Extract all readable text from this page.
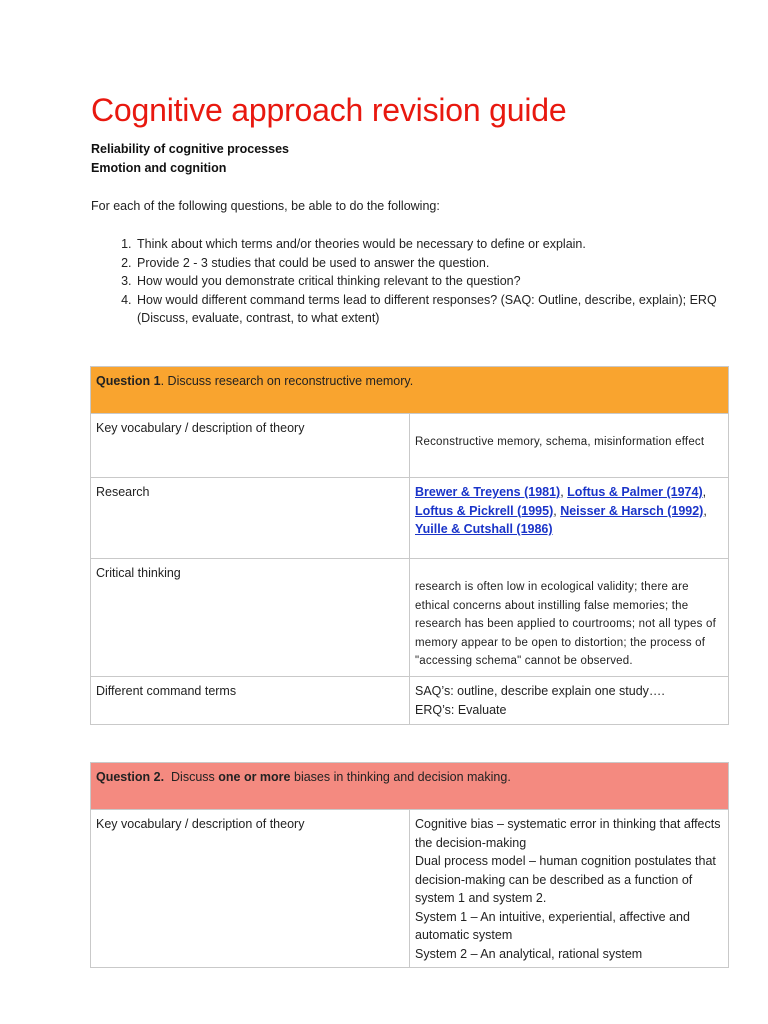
Cognitive approach revision guide
Reliability of cognitive processes
Emotion and cognition
For each of the following questions, be able to do the following:
1. Think about which terms and/or theories would be necessary to define or explain.
2. Provide 2 - 3 studies that could be used to answer the question.
3. How would you demonstrate critical thinking relevant to the question?
4. How would different command terms lead to different responses? (SAQ: Outline, describe, explain); ERQ (Discuss, evaluate, contrast, to what extent)
Question 1. Discuss research on reconstructive memory.	
Key vocabulary / description of theory	Reconstructive memory, schema, misinformation effect

Research	Brewer & Treyens (1981), Loftus & Palmer (1974), Loftus & Pickrell (1995), Neisser & Harsch (1992), Yuille & Cutshall (1986)
Critical thinking	research is often low in ecological validity; there are ethical concerns about instilling false memories; the research has been applied to courtrooms; not all types of memory appear to be open to distortion; the process of "accessing schema" cannot be observed.

Different command terms	SAQ’s: outline, describe explain one study….
ERQ’s: Evaluate
Question 2. Discuss one or more biases in thinking and decision making.
Key vocabulary / description of theory	Cognitive bias – systematic error in thinking that affects the decision-making
Dual process model – human cognition postulates that decision-making can be described as a function of system 1 and system 2.
System 1 – An intuitive, experiential, affective and automatic system
System 2 – An analytical, rational system
